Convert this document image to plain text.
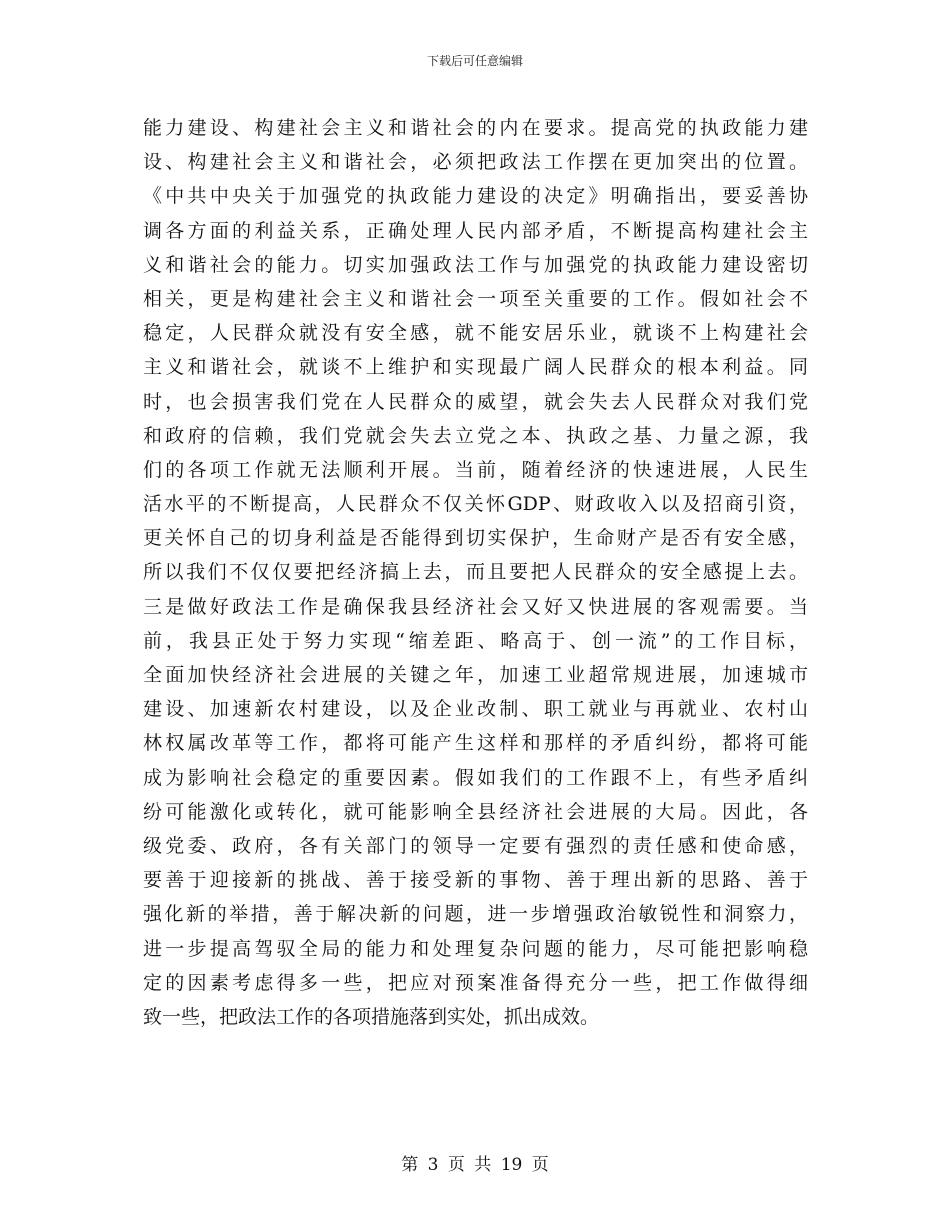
下载后可任意编辑
能力建设、构建社会主义和谐社会的内在要求。提高党的执政能力建
设、构建社会主义和谐社会，必须把政法工作摆在更加突出的位置。
《中共中央关于加强党的执政能力建设的决定》明确指出，要妥善协
调各方面的利益关系，正确处理人民内部矛盾，不断提高构建社会主
义和谐社会的能力。切实加强政法工作与加强党的执政能力建设密切
相关，更是构建社会主义和谐社会一项至关重要的工作。假如社会不
稳定，人民群众就没有安全感，就不能安居乐业，就谈不上构建社会
主义和谐社会，就谈不上维护和实现最广阔人民群众的根本利益。同
时，也会损害我们党在人民群众的威望，就会失去人民群众对我们党
和政府的信赖，我们党就会失去立党之本、执政之基、力量之源，我
们的各项工作就无法顺利开展。当前，随着经济的快速进展，人民生
活水平的不断提高，人民群众不仅关怀GDP、财政收入以及招商引资，
更关怀自己的切身利益是否能得到切实保护，生命财产是否有安全感，
所以我们不仅仅要把经济搞上去，而且要把人民群众的安全感提上去。
三是做好政法工作是确保我县经济社会又好又快进展的客观需要。当
前，我县正处于努力实现“缩差距、略高于、创一流”的工作目标，
全面加快经济社会进展的关键之年，加速工业超常规进展，加速城市
建设、加速新农村建设，以及企业改制、职工就业与再就业、农村山
林权属改革等工作，都将可能产生这样和那样的矛盾纠纷，都将可能
成为影响社会稳定的重要因素。假如我们的工作跟不上，有些矛盾纠
纷可能激化或转化，就可能影响全县经济社会进展的大局。因此，各
级党委、政府，各有关部门的领导一定要有强烈的责任感和使命感，
要善于迎接新的挑战、善于接受新的事物、善于理出新的思路、善于
强化新的举措，善于解决新的问题，进一步增强政治敏锐性和洞察力，
进一步提高驾驭全局的能力和处理复杂问题的能力，尽可能把影响稳
定的因素考虑得多一些，把应对预案准备得充分一些，把工作做得细
致一些，把政法工作的各项措施落到实处，抓出成效。
第 3 页 共 19 页
